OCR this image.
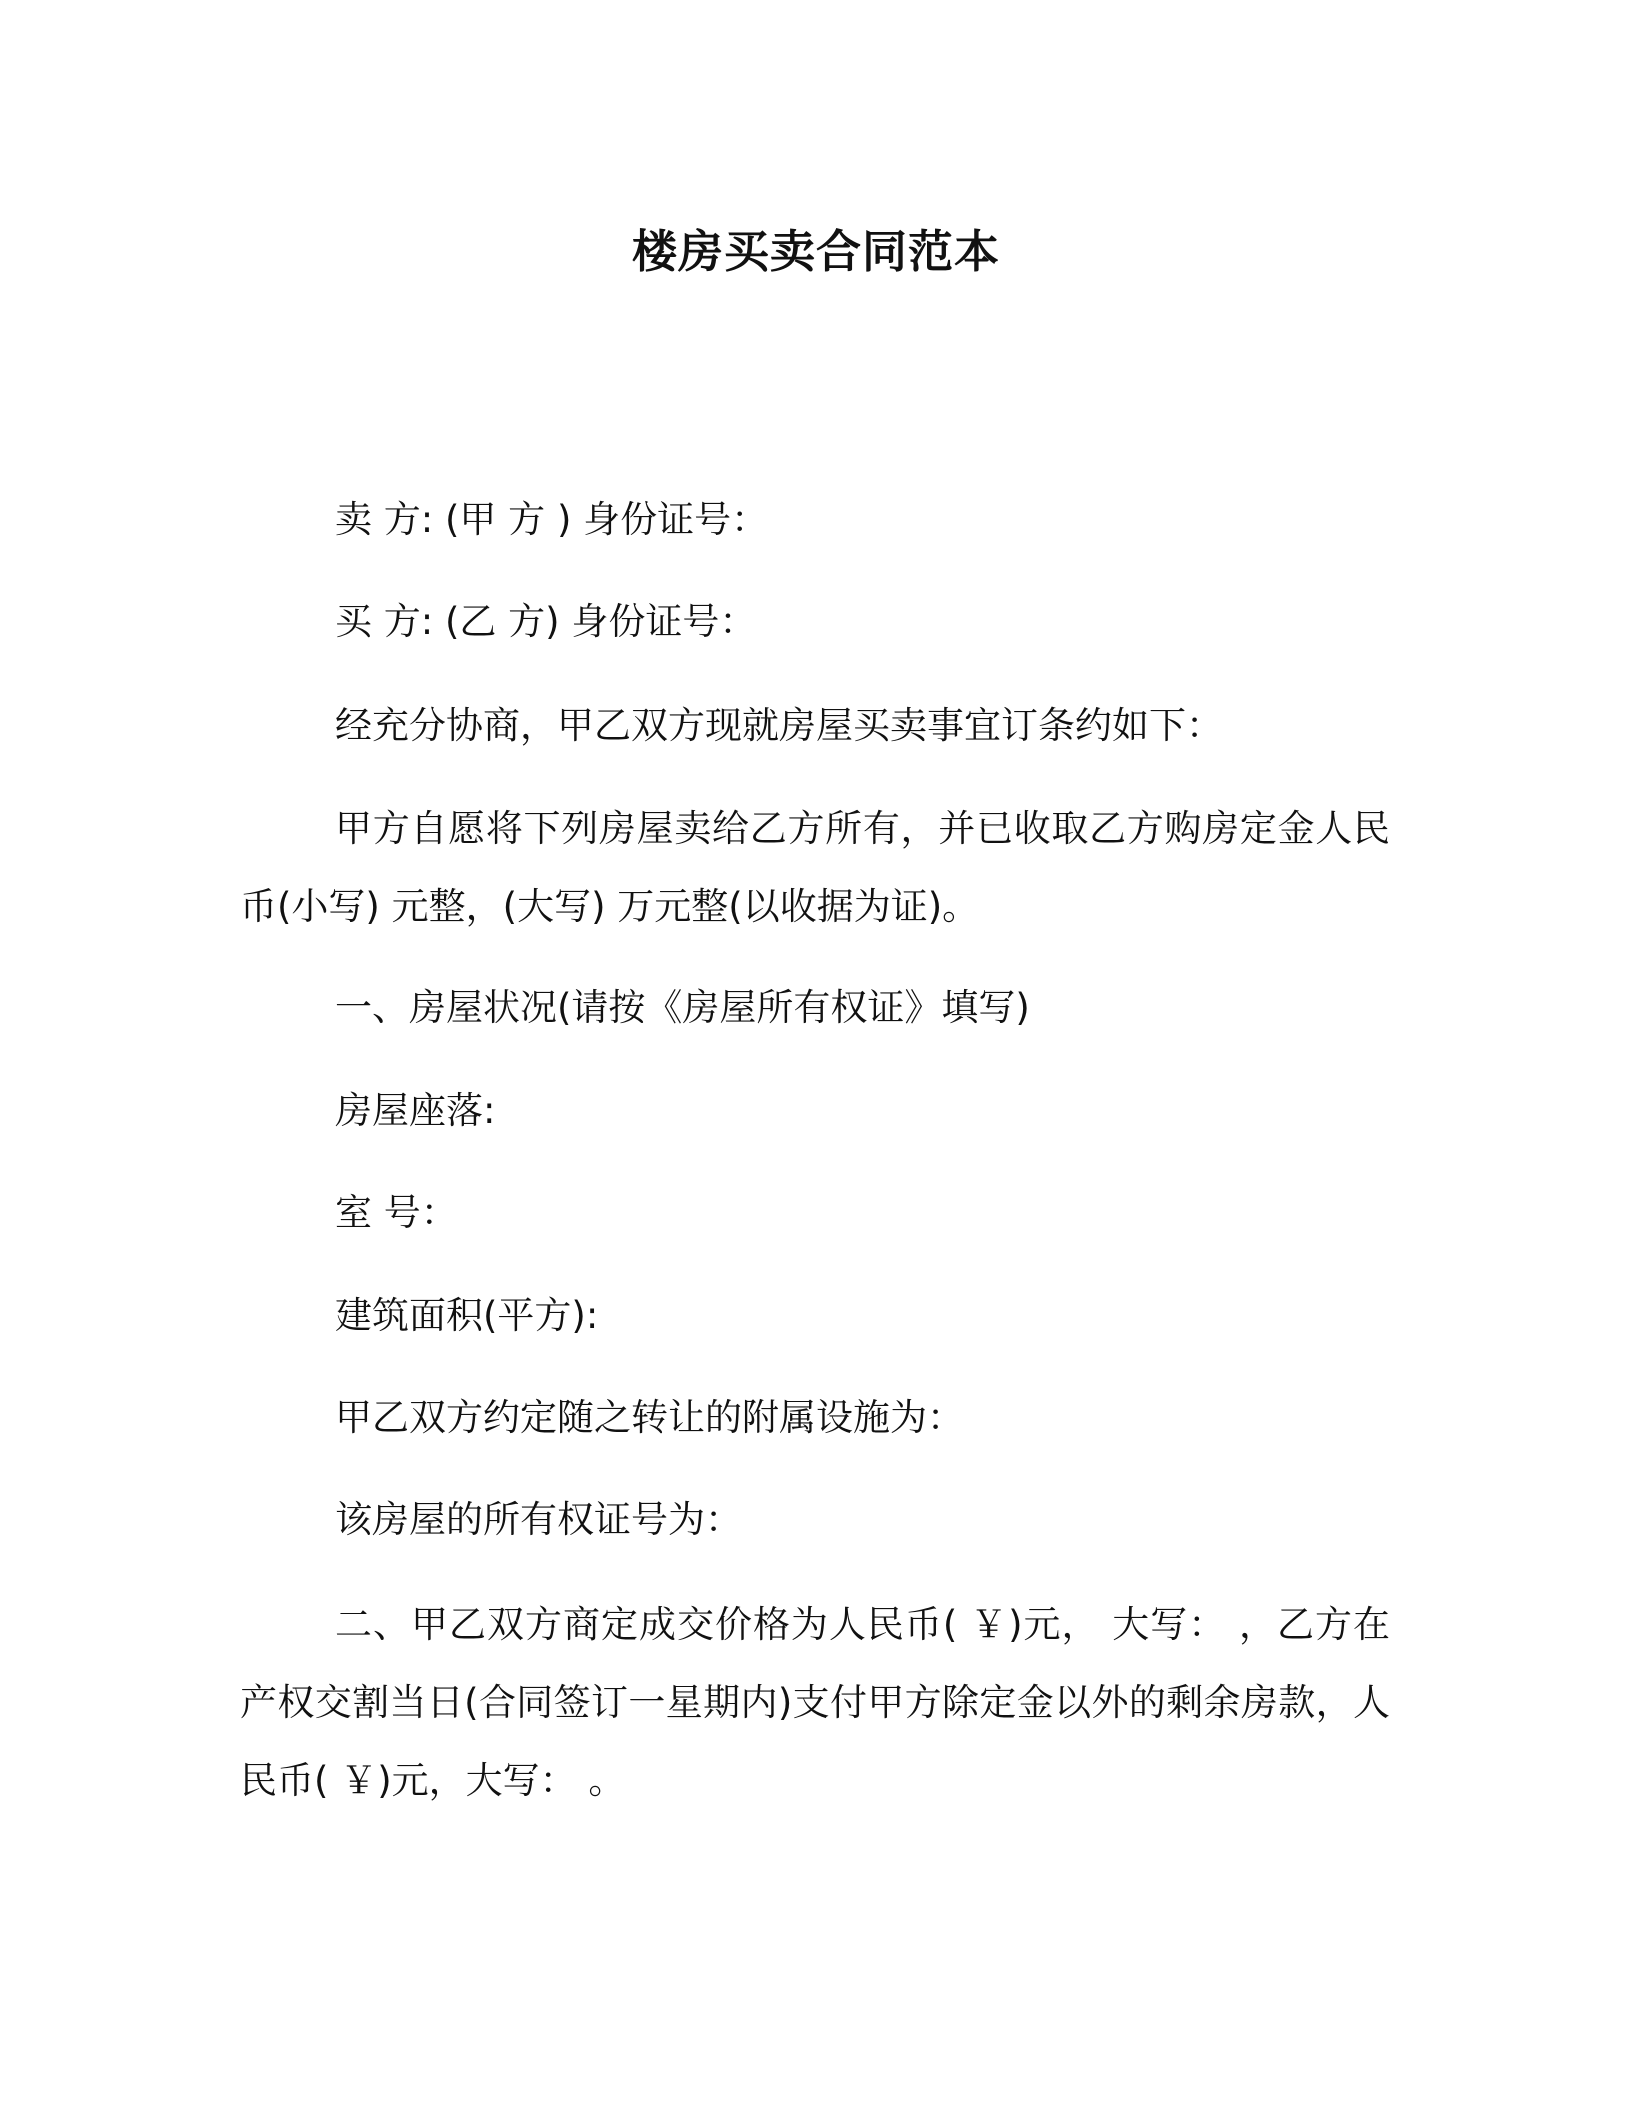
楼房买卖合同范本

卖 方: (甲 方 ) 身份证号：

买 方: (乙 方) 身份证号：

经充分协商，甲乙双方现就房屋买卖事宜订条约如下：

甲方自愿将下列房屋卖给乙方所有，并已收取乙方购房定金人民币(小写) 元整，(大写) 万元整(以收据为证)。

一、房屋状况(请按《房屋所有权证》填写)

房屋座落:

室 号：

建筑面积(平方):

甲乙双方约定随之转让的附属设施为：

该房屋的所有权证号为：

二、甲乙双方商定成交价格为人民币( ￥)元， 大写： ，乙方在产权交割当日(合同签订一星期内)支付甲方除定金以外的剩余房款，人民币( ￥)元，大写： 。
